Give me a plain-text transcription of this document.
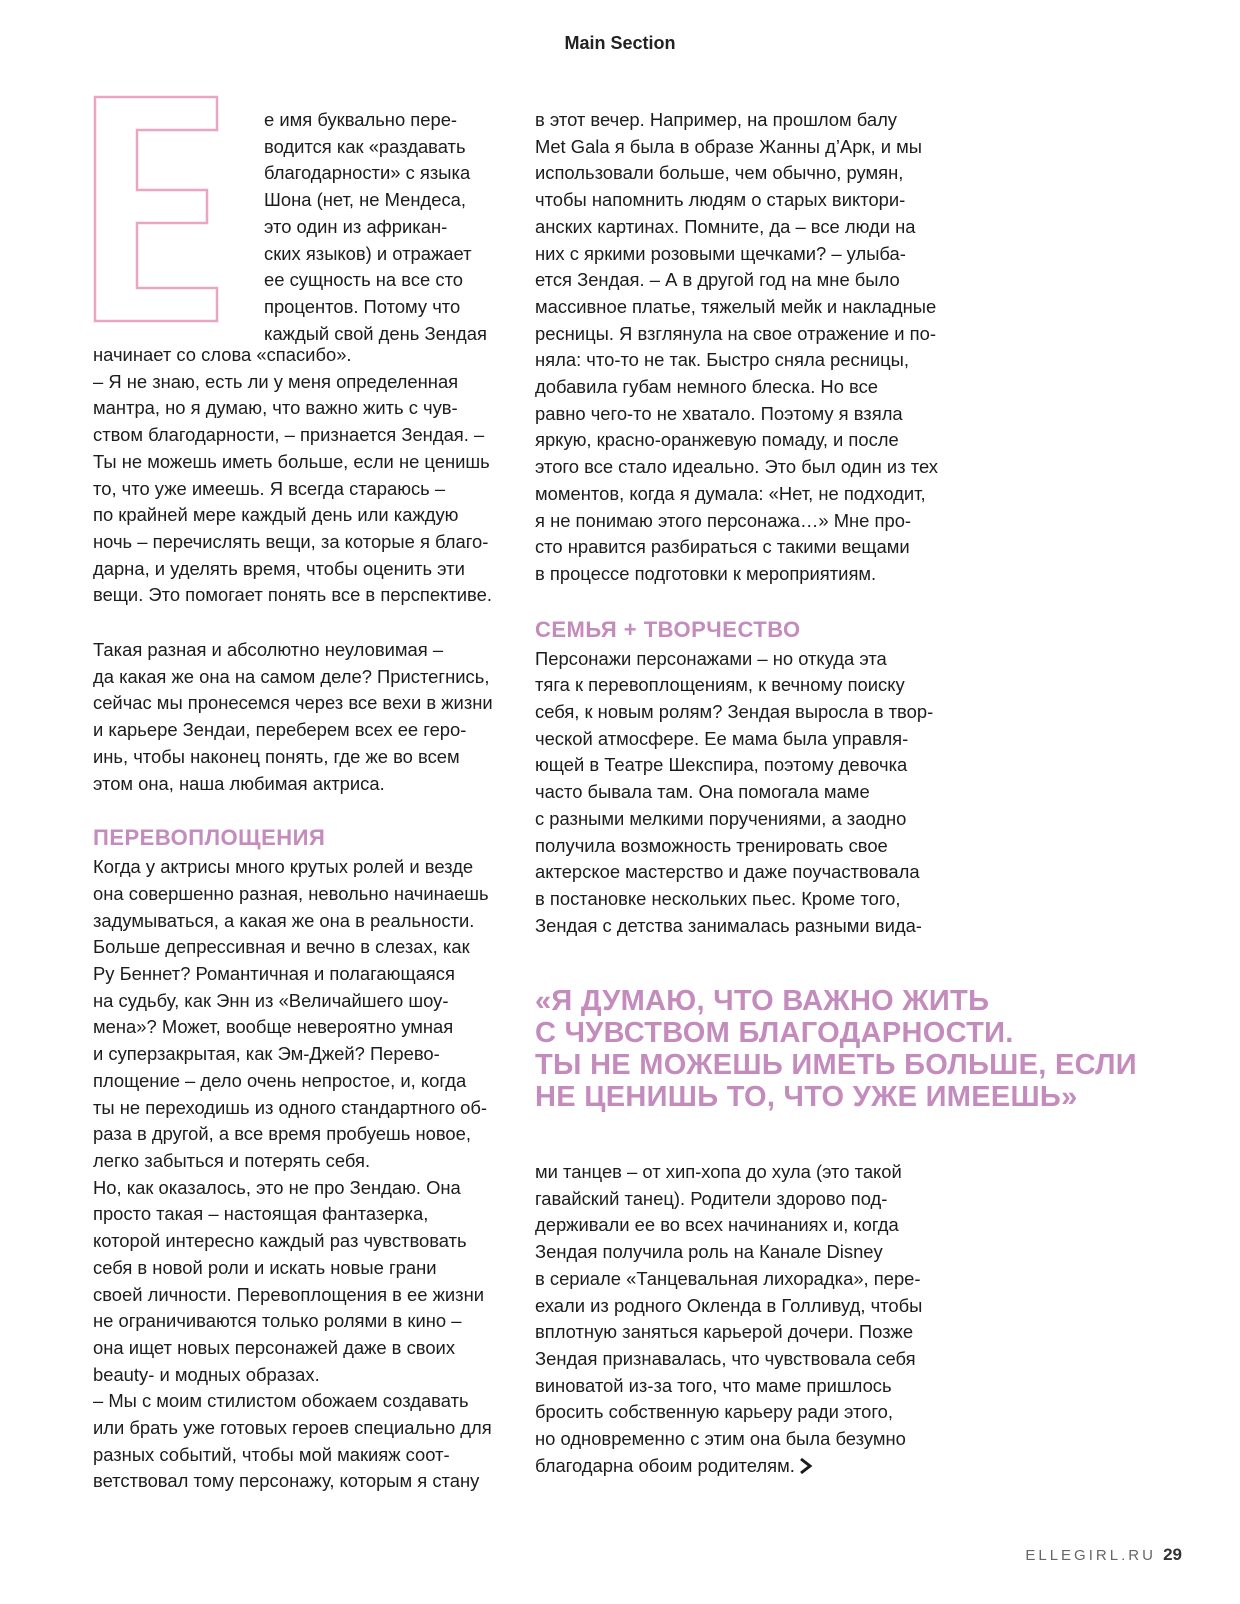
Main Section

е имя буквально пере-

водится как «раздавать

благодарности» с языка

Шона (нет, не Мендеса,

это один из африкан-

ских языков) и отражает

ее сущность на все сто

процентов. Потому что

каждый свой день Зендая

начинает со слова «спасибо».

– Я не знаю, есть ли у меня определенная

мантра, но я думаю, что важно жить с чув-

ством благодарности, – признается Зендая. –

Ты не можешь иметь больше, если не ценишь

то, что уже имеешь. Я всегда стараюсь –

по крайней мере каждый день или каждую

ночь – перечислять вещи, за которые я благо-

дарна, и уделять время, чтобы оценить эти

вещи. Это помогает понять все в перспективе.

Такая разная и абсолютно неуловимая –

да какая же она на самом деле? Пристегнись,

сейчас мы пронесемся через все вехи в жизни

и карьере Зендаи, переберем всех ее геро-

инь, чтобы наконец понять, где же во всем

этом она, наша любимая актриса.

ПЕРЕВОПЛОЩЕНИЯ

Когда у актрисы много крутых ролей и везде

она совершенно разная, невольно начинаешь

задумываться, а какая же она в реальности.

Больше депрессивная и вечно в слезах, как

Ру Беннет? Романтичная и полагающаяся

на судьбу, как Энн из «Величайшего шоу-

мена»? Может, вообще невероятно умная

и суперзакрытая, как Эм-Джей? Перево-

площение – дело очень непростое, и, когда

ты не переходишь из одного стандартного об-

раза в другой, а все время пробуешь новое,

легко забыться и потерять себя.

Но, как оказалось, это не про Зендаю. Она

просто такая – настоящая фантазерка,

которой интересно каждый раз чувствовать

себя в новой роли и искать новые грани

своей личности. Перевоплощения в ее жизни

не ограничиваются только ролями в кино –

она ищет новых персонажей даже в своих

beauty- и модных образах.

– Мы с моим стилистом обожаем создавать

или брать уже готовых героев специально для

разных событий, чтобы мой макияж соот-

ветствовал тому персонажу, которым я стану

в этот вечер. Например, на прошлом балу

Met Gala я была в образе Жанны д’Арк, и мы

использовали больше, чем обычно, румян,

чтобы напомнить людям о старых виктори-

анских картинах. Помните, да – все люди на

них с яркими розовыми щечками? – улыба-

ется Зендая. – А в другой год на мне было

массивное платье, тяжелый мейк и накладные

ресницы. Я взглянула на свое отражение и по-

няла: что-то не так. Быстро сняла ресницы,

добавила губам немного блеска. Но все

равно чего-то не хватало. Поэтому я взяла

яркую, красно-оранжевую помаду, и после

этого все стало идеально. Это был один из тех

моментов, когда я думала: «Нет, не подходит,

я не понимаю этого персонажа…» Мне про-

сто нравится разбираться с такими вещами

в процессе подготовки к мероприятиям.

СЕМЬЯ + ТВОРЧЕСТВО

Персонажи персонажами – но откуда эта

тяга к перевоплощениям, к вечному поиску

себя, к новым ролям? Зендая выросла в твор-

ческой атмосфере. Ее мама была управля-

ющей в Театре Шекспира, поэтому девочка

часто бывала там. Она помогала маме

с разными мелкими поручениями, а заодно

получила возможность тренировать свое

актерское мастерство и даже поучаствовала

в постановке нескольких пьес. Кроме того,

Зендая с детства занималась разными вида-

«Я ДУМАЮ, ЧТО ВАЖНО ЖИТЬ

С ЧУВСТВОМ БЛАГОДАРНОСТИ.

ТЫ НЕ МОЖЕШЬ ИМЕТЬ БОЛЬШЕ, ЕСЛИ

НЕ ЦЕНИШЬ ТО, ЧТО УЖЕ ИМЕЕШЬ»

ми танцев – от хип-хопа до хула (это такой

гавайский танец). Родители здорово под-

держивали ее во всех начинаниях и, когда

Зендая получила роль на Канале Disney

в сериале «Танцевальная лихорадка», пере-

ехали из родного Окленда в Голливуд, чтобы

вплотную заняться карьерой дочери. Позже

Зендая признавалась, что чувствовала себя

виноватой из-за того, что маме пришлось

бросить собственную карьеру ради этого,

но одновременно с этим она была безумно

благодарна обоим родителям.

ELLEGIRL.RU 29
